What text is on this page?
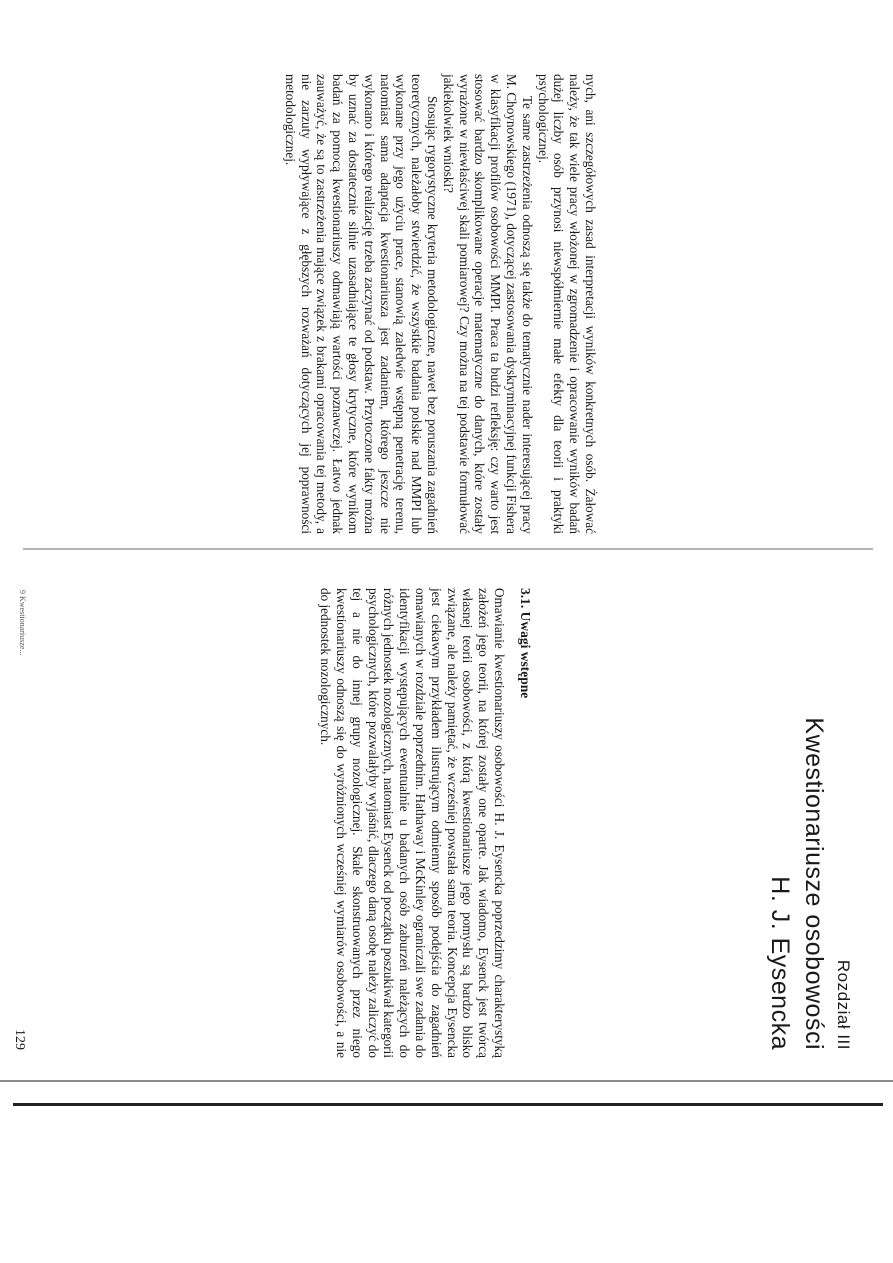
nych, ani szczegółowych zasad interpretacji wyników konkretnych osób. Żałować należy, że tak wiele pracy włożonej w zgromadzenie i opracowanie wyników badań dużej liczby osób przynosi niewspółmiernie małe efekty dla teorii i praktyki psychologicznej.

Te same zastrzeżenia odnoszą się także do tematycznie nader interesującej pracy M. Choynowskiego (1971), dotyczącej zastosowania dyskryminacyjnej funkcji Fishera w klasyfikacji profilów osobowości MMPI. Praca ta budzi refleksję: czy warto jest stosować bardzo skomplikowane operacje matematyczne do danych, które zostały wyrażone w niewłaściwej skali pomiarowej? Czy można na tej podstawie formułować jakiekolwiek wnioski?

Stosując rygorystyczne kryteria metodologiczne, nawet bez poruszania zagadnień teoretycznych, należałoby stwierdzić, że wszystkie badania polskie nad MMPI lub wykonane przy jego użyciu prace, stanowią zaledwie wstępną penetrację terenu, natomiast sama adaptacja kwestionariusza jest zadaniem, którego jeszcze nie wykonano i którego realizację trzeba zaczynać od podstaw. Przytoczone fakty można by uznać za dostatecznie silnie uzasadniające te głosy krytyczne, które wynikom badań za pomocą kwestionariuszy odmawiają wartości poznawczej. Łatwo jednak zauważyć, że są to zastrzeżenia mające związek z brakami opracowania tej metody, a nie zarzuty wypływające z głębszych rozważań dotyczących jej poprawności metodologicznej.

Rozdział III
Kwestionariusze osobowości
H. J. Eysencka
3.1. Uwagi wstępne

Omawianie kwestionariuszy osobowości H. J. Eysencka poprzedzimy charakterystyką założeń jego teorii, na której zostały one oparte. Jak wiadomo, Eysenck jest twórcą własnej teorii osobowości, z którą kwestionariusze jego pomysłu są bardzo blisko związane, ale należy pamiętać, że wcześniej powstała sama teoria. Koncepcja Eysencka jest ciekawym przykładem ilustrującym odmienny sposób podejścia do zagadnień omawianych w rozdziale poprzednim. Hathaway i McKinley ograniczali swe zadania do identyfikacji występujących ewentualnie u badanych osób zaburzeń należących do różnych jednostek nozologicznych, natomiast Eysenck od początku poszukiwał kategorii psychologicznych, które pozwalałyby wyjaśnić, dlaczego daną osobę należy zaliczyć do tej a nie do innej grupy nozologicznej. Skale skonstruowanych przez niego kwestionariuszy odnoszą się do wyróżnionych wcześniej wymiarów osobowości, a nie do jednostek nozologicznych.

9 Kwestionariusze...
129
